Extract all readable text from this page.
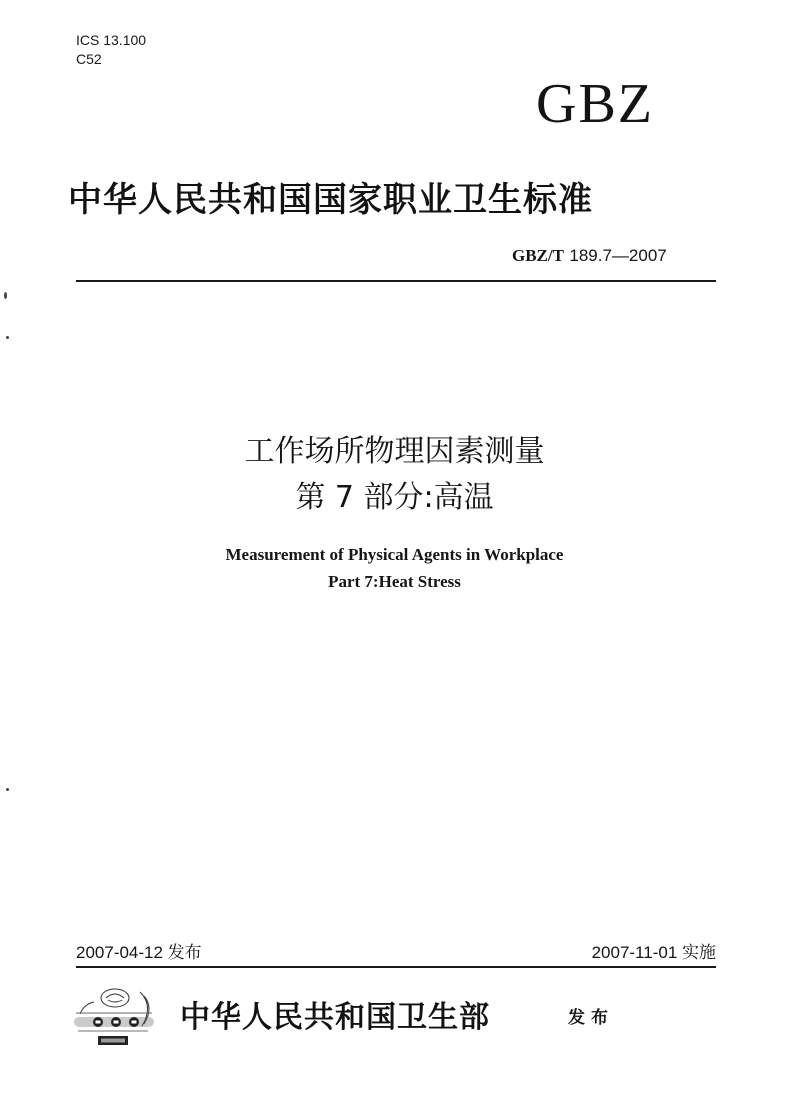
ICS 13.100
C52
GBZ
中华人民共和国国家职业卫生标准
GBZ/T 189.7—2007
工作场所物理因素测量
第 7 部分:高温
Measurement of Physical Agents in Workplace
Part 7:Heat Stress
2007-04-12 发布	2007-11-01 实施
中华人民共和国卫生部	发布
